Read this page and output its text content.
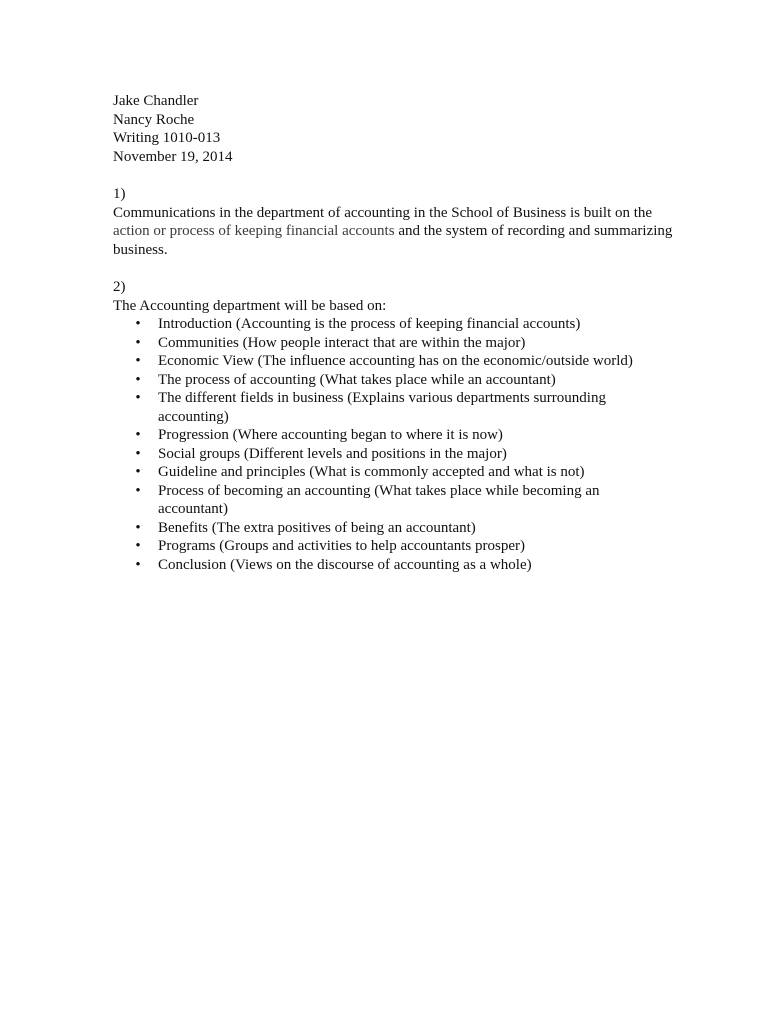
Jake Chandler

Nancy Roche

Writing 1010-013

November 19, 2014

1)

Communications in the department of accounting in the School of Business is built on the action or process of keeping financial accounts and the system of recording and summarizing business.

2)

The Accounting department will be based on:

• Introduction (Accounting is the process of keeping financial accounts)
• Communities (How people interact that are within the major)
• Economic View (The influence accounting has on the economic/outside world)
• The process of accounting (What takes place while an accountant)
• The different fields in business (Explains various departments surrounding accounting)
• Progression (Where accounting began to where it is now)
• Social groups (Different levels and positions in the major)
• Guideline and principles (What is commonly accepted and what is not)
• Process of becoming an accounting (What takes place while becoming an accountant)
• Benefits (The extra positives of being an accountant)
• Programs (Groups and activities to help accountants prosper)
• Conclusion (Views on the discourse of accounting as a whole)
